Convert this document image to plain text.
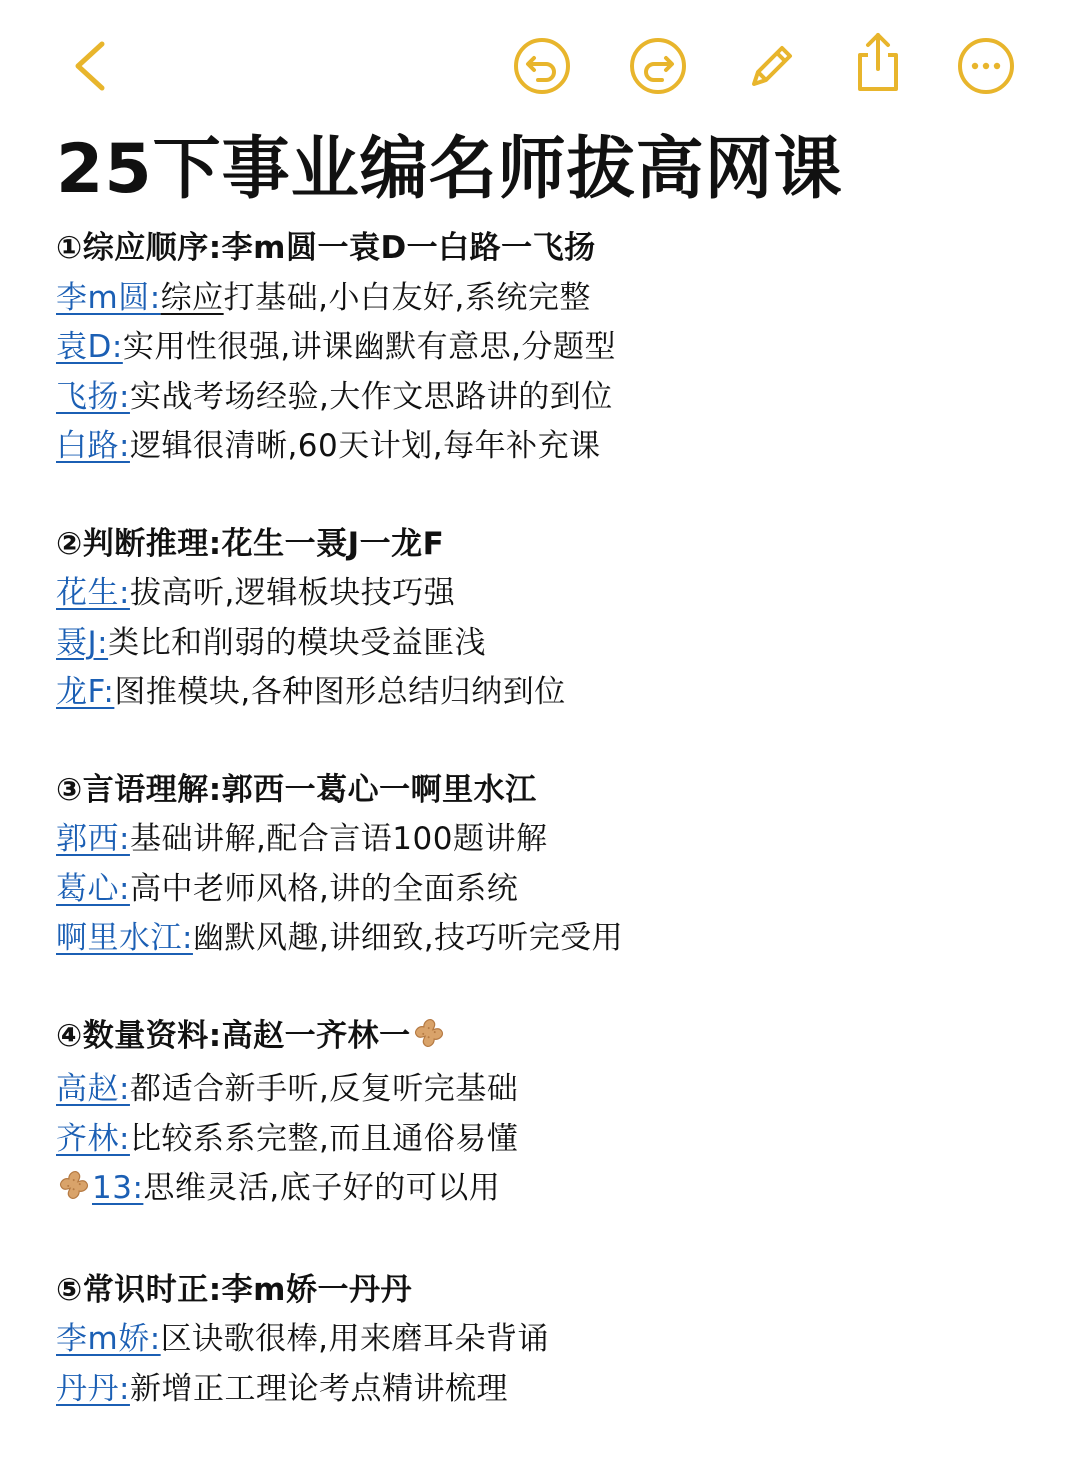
25下事业编名师拔高网课
①综应顺序:李m圆一袁D一白路一飞扬
李m圆:综应打基础,小白友好,系统完整
袁D:实用性很强,讲课幽默有意思,分题型
飞扬:实战考场经验,大作文思路讲的到位
白路:逻辑很清晰,60天计划,每年补充课
②判断推理:花生一聂J一龙F
花生:拔高听,逻辑板块技巧强
聂J:类比和削弱的模块受益匪浅
龙F:图推模块,各种图形总结归纳到位
③言语理解:郭西一葛心一啊里水江
郭西:基础讲解,配合言语100题讲解
葛心:高中老师风格,讲的全面系统
啊里水江:幽默风趣,讲细致,技巧听完受用
④数量资料:高赵一齐林一
高赵:都适合新手听,反复听完基础
齐林:比较系系完整,而且通俗易懂
13:思维灵活,底子好的可以用
⑤常识时正:李m娇一丹丹
李m娇:区诀歌很棒,用来磨耳朵背诵
丹丹:新增正工理论考点精讲梳理
